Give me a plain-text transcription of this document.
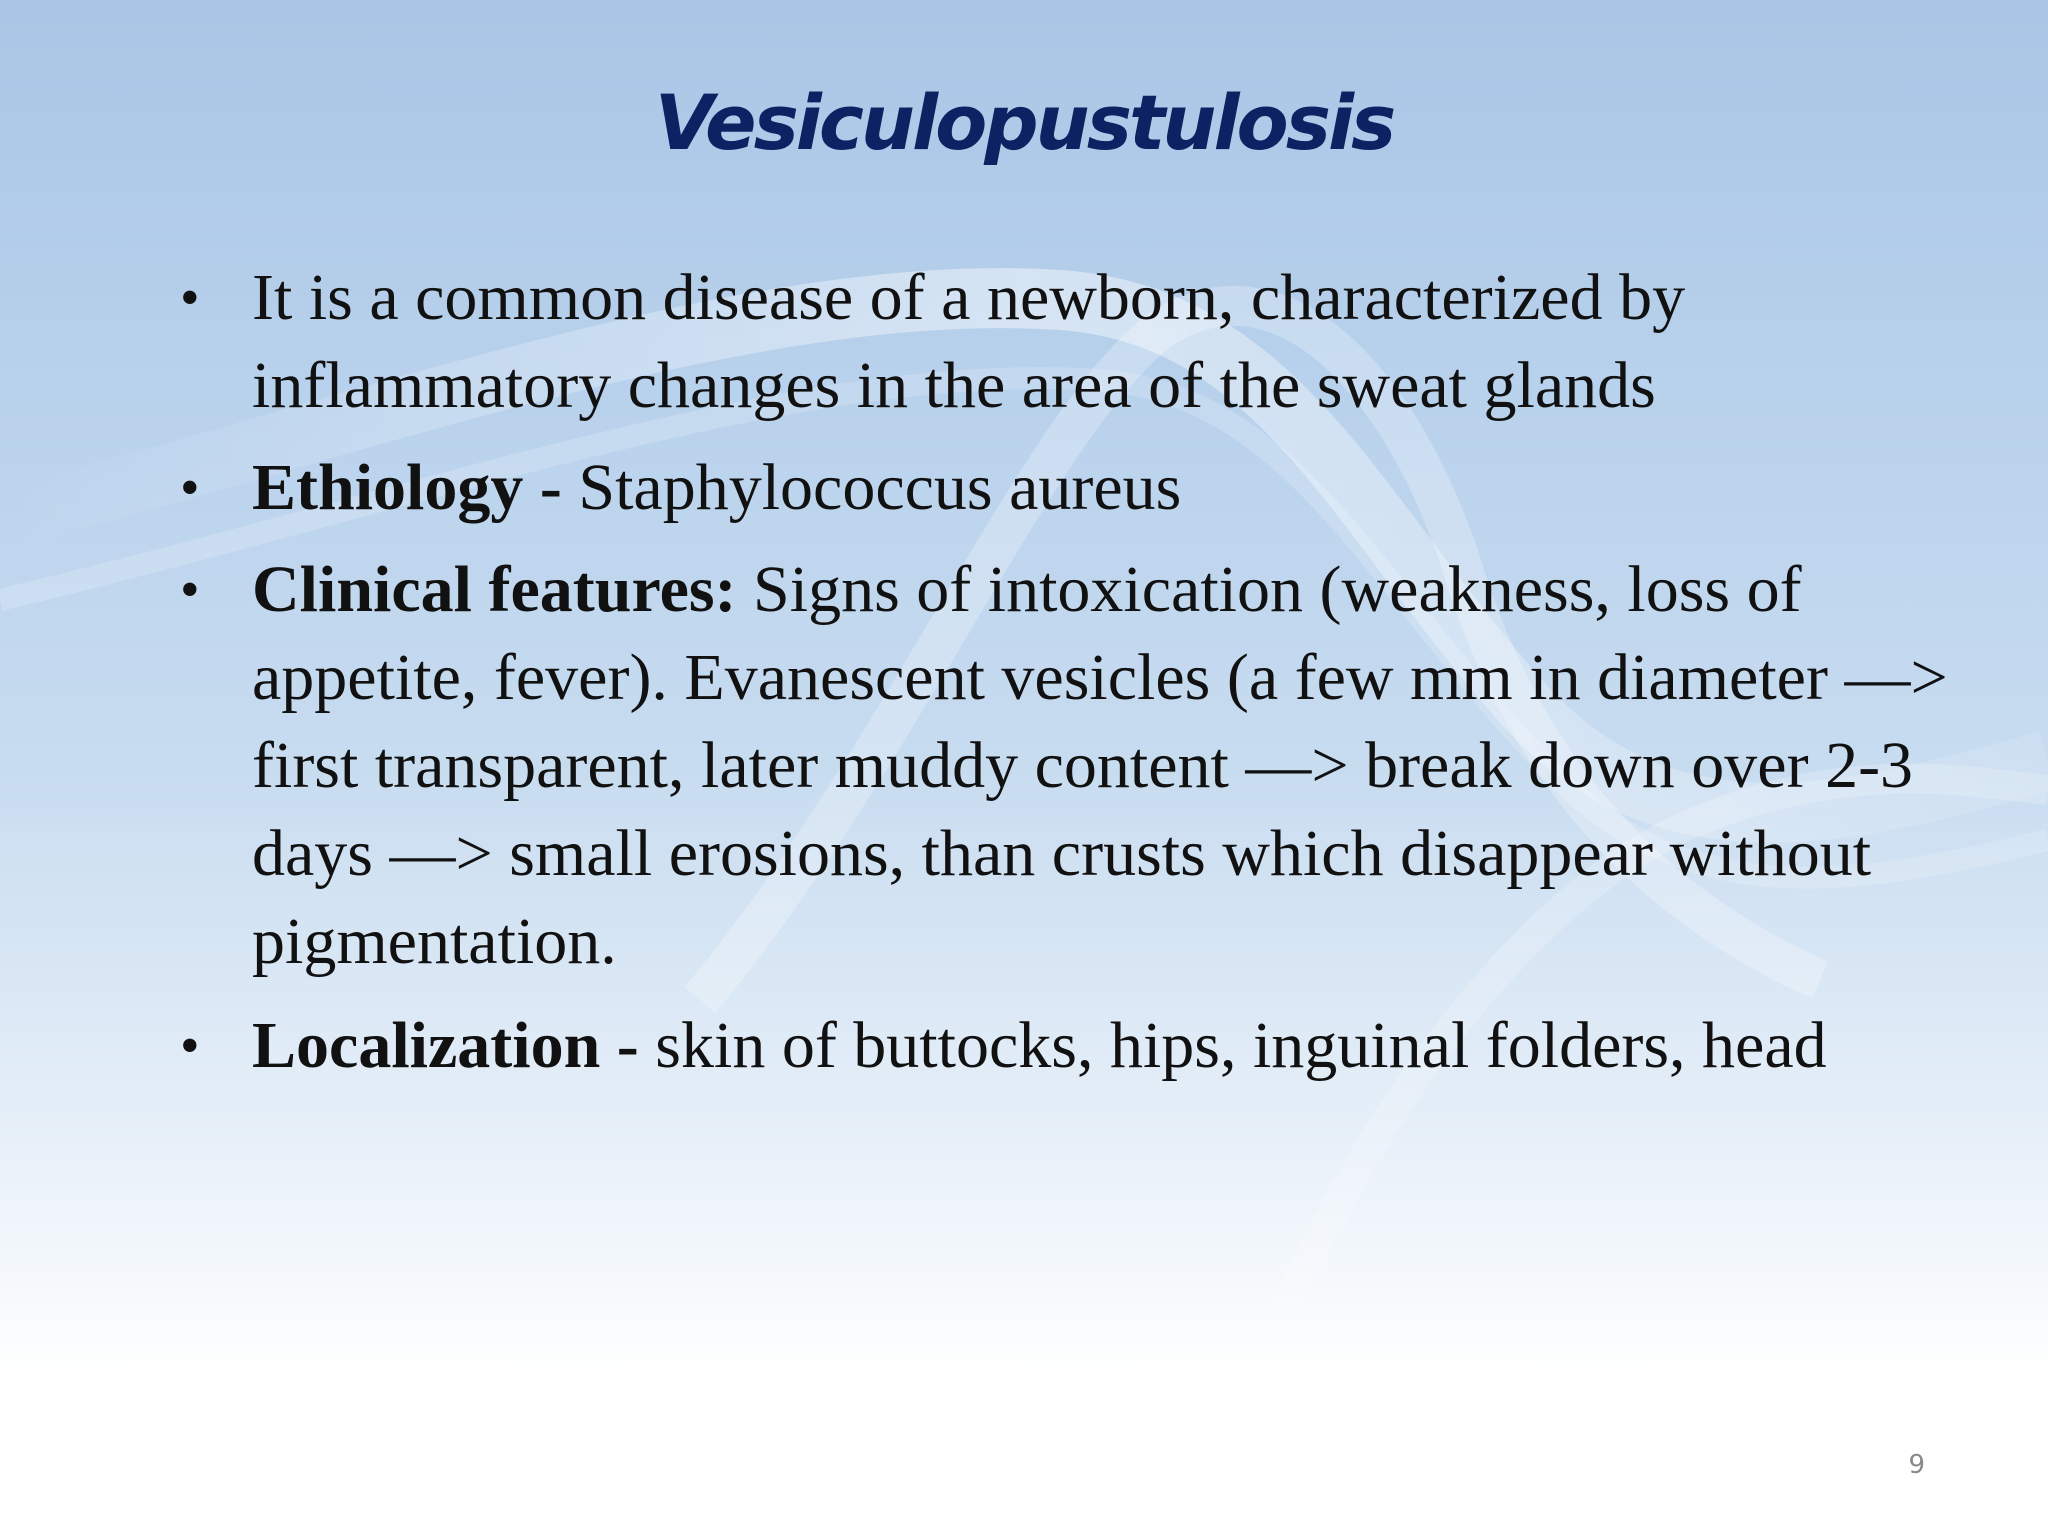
Vesiculopustulosis
• It is a common disease of a newborn, characterized by inflammatory changes in the area of the sweat glands
• Ethiology - Staphylococcus aureus
• Clinical features: Signs of intoxication (weakness, loss of appetite, fever). Evanescent vesicles (a few mm in diameter —> first transparent, later muddy content —> break down over 2-3 days —> small erosions, than crusts which disappear without pigmentation.
• Localization - skin of buttocks, hips, inguinal folders, head
9
